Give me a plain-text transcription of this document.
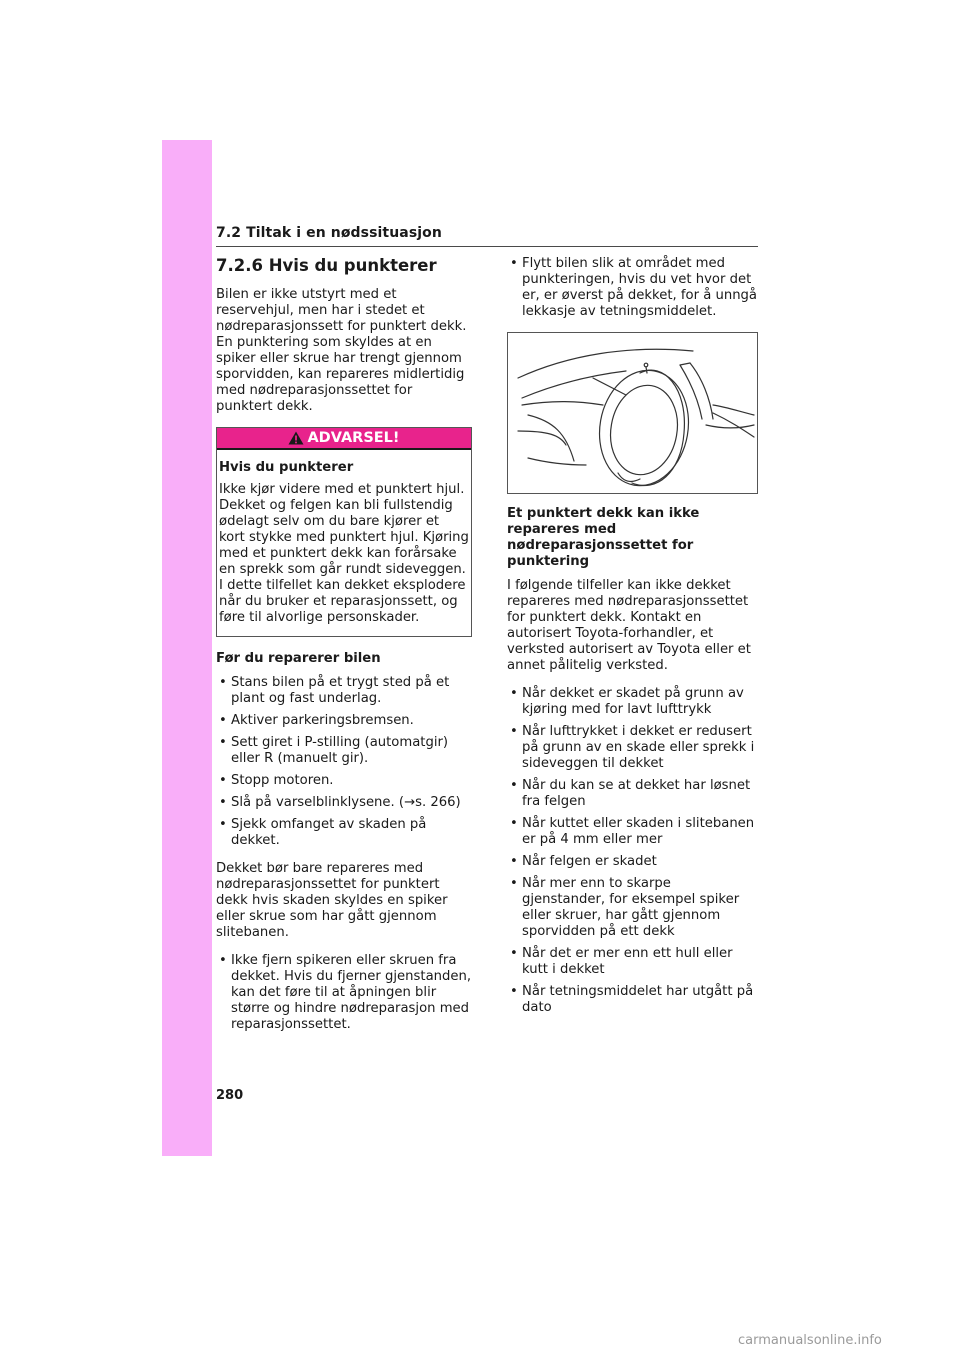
7.2 Tiltak i en nødssituasjon
7.2.6 Hvis du punkterer

Bilen er ikke utstyrt med et reservehjul, men har i stedet et nødreparasjonssett for punktert dekk. En punktering som skyldes at en spiker eller skrue har trengt gjennom sporvidden, kan repareres midlertidig med nødreparasjonssettet for punktert dekk.

ADVARSEL!
Hvis du punkterer

Ikke kjør videre med et punktert hjul. Dekket og felgen kan bli fullstendig ødelagt selv om du bare kjører et kort stykke med punktert hjul. Kjøring med et punktert dekk kan forårsake en sprekk som går rundt sideveggen. I dette tilfellet kan dekket eksplodere når du bruker et reparasjonssett, og føre til alvorlige personskader.

Før du reparerer bilen
• Stans bilen på et trygt sted på et plant og fast underlag.
• Aktiver parkeringsbremsen.
• Sett giret i P-stilling (automatgir) eller R (manuelt gir).
• Stopp motoren.
• Slå på varselblinklysene. (→s. 266)
• Sjekk omfanget av skaden på dekket.

Dekket bør bare repareres med nødreparasjonssettet for punktert dekk hvis skaden skyldes en spiker eller skrue som har gått gjennom slitebanen.

• Ikke fjern spikeren eller skruen fra dekket. Hvis du fjerner gjenstanden, kan det føre til at åpningen blir større og hindre nødreparasjon med reparasjonssettet.
• Flytt bilen slik at området med punkteringen, hvis du vet hvor det er, er øverst på dekket, for å unngå lekkasje av tetningsmiddelet.
Et punktert dekk kan ikke repareres med nødreparasjonssettet for punktering

I følgende tilfeller kan ikke dekket repareres med nødreparasjonssettet for punktert dekk. Kontakt en autorisert Toyota-forhandler, et verksted autorisert av Toyota eller et annet pålitelig verksted.

• Når dekket er skadet på grunn av kjøring med for lavt lufttrykk
• Når lufttrykket i dekket er redusert på grunn av en skade eller sprekk i sideveggen til dekket
• Når du kan se at dekket har løsnet fra felgen
• Når kuttet eller skaden i slitebanen er på 4 mm eller mer
• Når felgen er skadet
• Når mer enn to skarpe gjenstander, for eksempel spiker eller skruer, har gått gjennom sporvidden på ett dekk
• Når det er mer enn ett hull eller kutt i dekket
• Når tetningsmiddelet har utgått på dato
280
carmanualsonline.info
